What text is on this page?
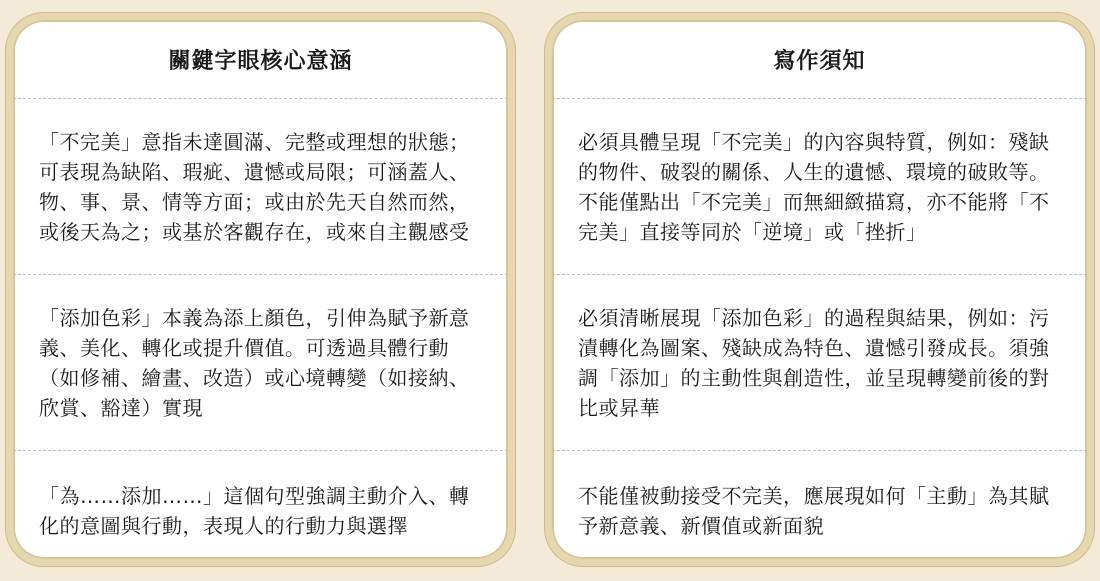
關鍵字眼核心意涵
「不完美」意指未達圓滿、完整或理想的狀態；可表現為缺陷、瑕疵、遺憾或局限；可涵蓋人、物、事、景、情等方面；或由於先天自然而然，或後天為之；或基於客觀存在，或來自主觀感受
「添加色彩」本義為添上顏色，引伸為賦予新意義、美化、轉化或提升價值。可透過具體行動（如修補、繪畫、改造）或心境轉變（如接納、欣賞、豁達）實現
「為……添加……」這個句型強調主動介入、轉化的意圖與行動，表現人的行動力與選擇
寫作須知
必須具體呈現「不完美」的內容與特質，例如：殘缺的物件、破裂的關係、人生的遺憾、環境的破敗等。不能僅點出「不完美」而無細緻描寫，亦不能將「不完美」直接等同於「逆境」或「挫折」
必須清晰展現「添加色彩」的過程與結果，例如：污漬轉化為圖案、殘缺成為特色、遺憾引發成長。須強調「添加」的主動性與創造性，並呈現轉變前後的對比或昇華
不能僅被動接受不完美，應展現如何「主動」為其賦予新意義、新價值或新面貌
